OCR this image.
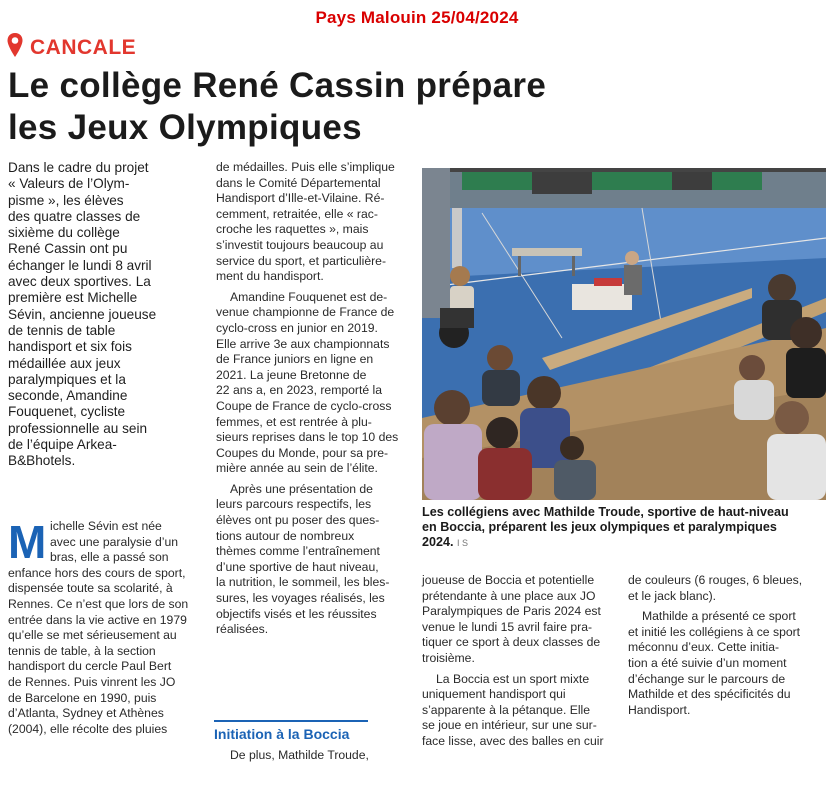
Pays Malouin 25/04/2024
CANCALE
Le collège René Cassin prépare
les Jeux Olympiques
Dans le cadre du projet
« Valeurs de l’Olym-
pisme », les élèves
des quatre classes de
sixième du collège
René Cassin ont pu
échanger le lundi 8 avril
avec deux sportives. La
première est Michelle
Sévin, ancienne joueuse
de tennis de table
handisport et six fois
médaillée aux jeux
paralympiques et la
seconde, Amandine
Fouquenet, cycliste
professionnelle au sein
de l’équipe Arkea-
B&Bhotels.
M ichelle Sévin est née
avec une paralysie d’un
bras, elle a passé son
enfance hors des cours de sport,
dispensée toute sa scolarité, à
Rennes. Ce n’est que lors de son
entrée dans la vie active en 1979
qu’elle se met sérieusement au
tennis de table, à la section
handisport du cercle Paul Bert
de Rennes. Puis vinrent les JO
de Barcelone en 1990, puis
d’Atlanta, Sydney et Athènes
(2004), elle récolte des pluies
de médailles. Puis elle s’implique
dans le Comité Départemental
Handisport d’Ille-et-Vilaine. Ré-
cemment, retraitée, elle « rac-
croche les raquettes », mais
s’investit toujours beaucoup au
service du sport, et particulière-
ment du handisport.
Amandine Fouquenet est de-
venue championne de France de
cyclo-cross en junior en 2019.
Elle arrive 3e aux championnats
de France juniors en ligne en
2021. La jeune Bretonne de
22 ans a, en 2023, remporté la
Coupe de France de cyclo-cross
femmes, et est rentrée à plu-
sieurs reprises dans le top 10 des
Coupes du Monde, pour sa pre-
mière année au sein de l’élite.
Après une présentation de
leurs parcours respectifs, les
élèves ont pu poser des ques-
tions autour de nombreux
thèmes comme l’entraînement
d’une sportive de haut niveau,
la nutrition, le sommeil, les bles-
sures, les voyages réalisés, les
objectifs visés et les réussites
réalisées.
Initiation à la Boccia
De plus, Mathilde Troude,
Les collégiens avec Mathilde Troude, sportive de haut-niveau
en Boccia, préparent les jeux olympiques et paralympiques
2024. I S
joueuse de Boccia et potentielle
prétendante à une place aux JO
Paralympiques de Paris 2024 est
venue le lundi 15 avril faire pra-
tiquer ce sport à deux classes de
troisième.
La Boccia est un sport mixte
uniquement handisport qui
s’apparente à la pétanque. Elle
se joue en intérieur, sur une sur-
face lisse, avec des balles en cuir
de couleurs (6 rouges, 6 bleues,
et le jack blanc).
Mathilde a présenté ce sport
et initié les collégiens à ce sport
méconnu d’eux. Cette initia-
tion a été suivie d’un moment
d’échange sur le parcours de
Mathilde et des spécificités du
Handisport.
